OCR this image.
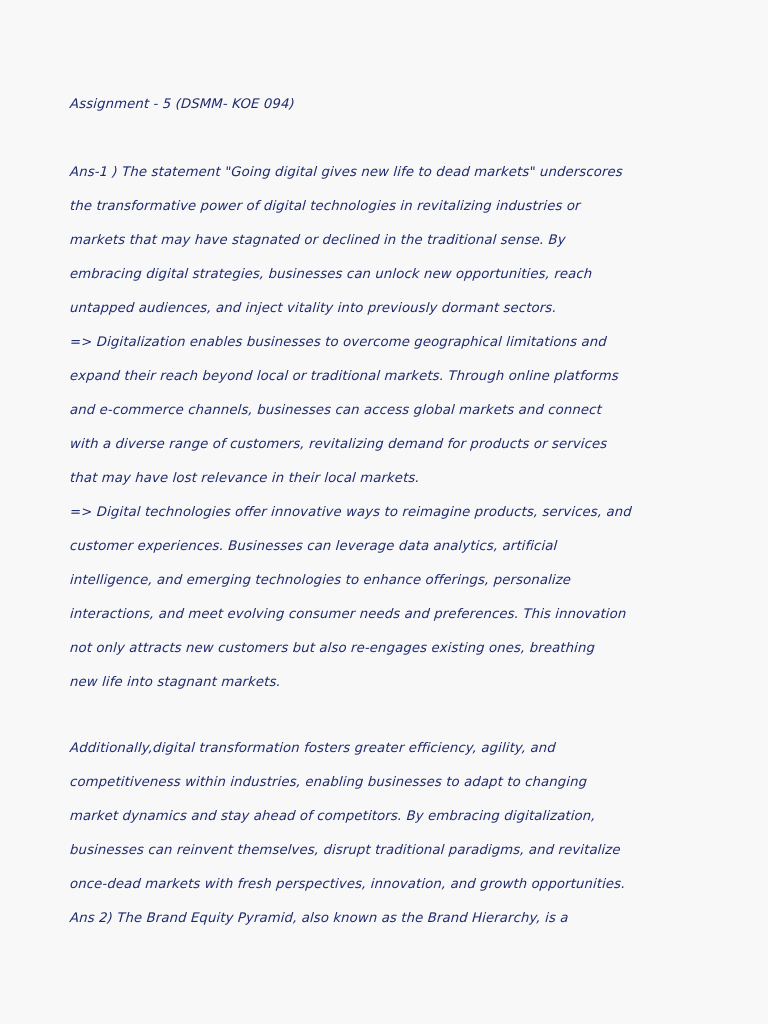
Assignment - 5 (DSMM- KOE 094)
Ans-1 ) The statement "Going digital gives new life to dead markets" underscores
the transformative power of digital technologies in revitalizing industries or
markets that may have stagnated or declined in the traditional sense. By
embracing digital strategies, businesses can unlock new opportunities, reach
untapped audiences, and inject vitality into previously dormant sectors.
=> Digitalization enables businesses to overcome geographical limitations and
expand their reach beyond local or traditional markets. Through online platforms
and e-commerce channels, businesses can access global markets and connect
with a diverse range of customers, revitalizing demand for products or services
that may have lost relevance in their local markets.
=> Digital technologies offer innovative ways to reimagine products, services, and
customer experiences. Businesses can leverage data analytics, artificial
intelligence, and emerging technologies to enhance offerings, personalize
interactions, and meet evolving consumer needs and preferences. This innovation
not only attracts new customers but also re-engages existing ones, breathing
new life into stagnant markets.
Additionally,digital transformation fosters greater efficiency, agility, and
competitiveness within industries, enabling businesses to adapt to changing
market dynamics and stay ahead of competitors. By embracing digitalization,
businesses can reinvent themselves, disrupt traditional paradigms, and revitalize
once-dead markets with fresh perspectives, innovation, and growth opportunities.
Ans 2) The Brand Equity Pyramid, also known as the Brand Hierarchy, is a
